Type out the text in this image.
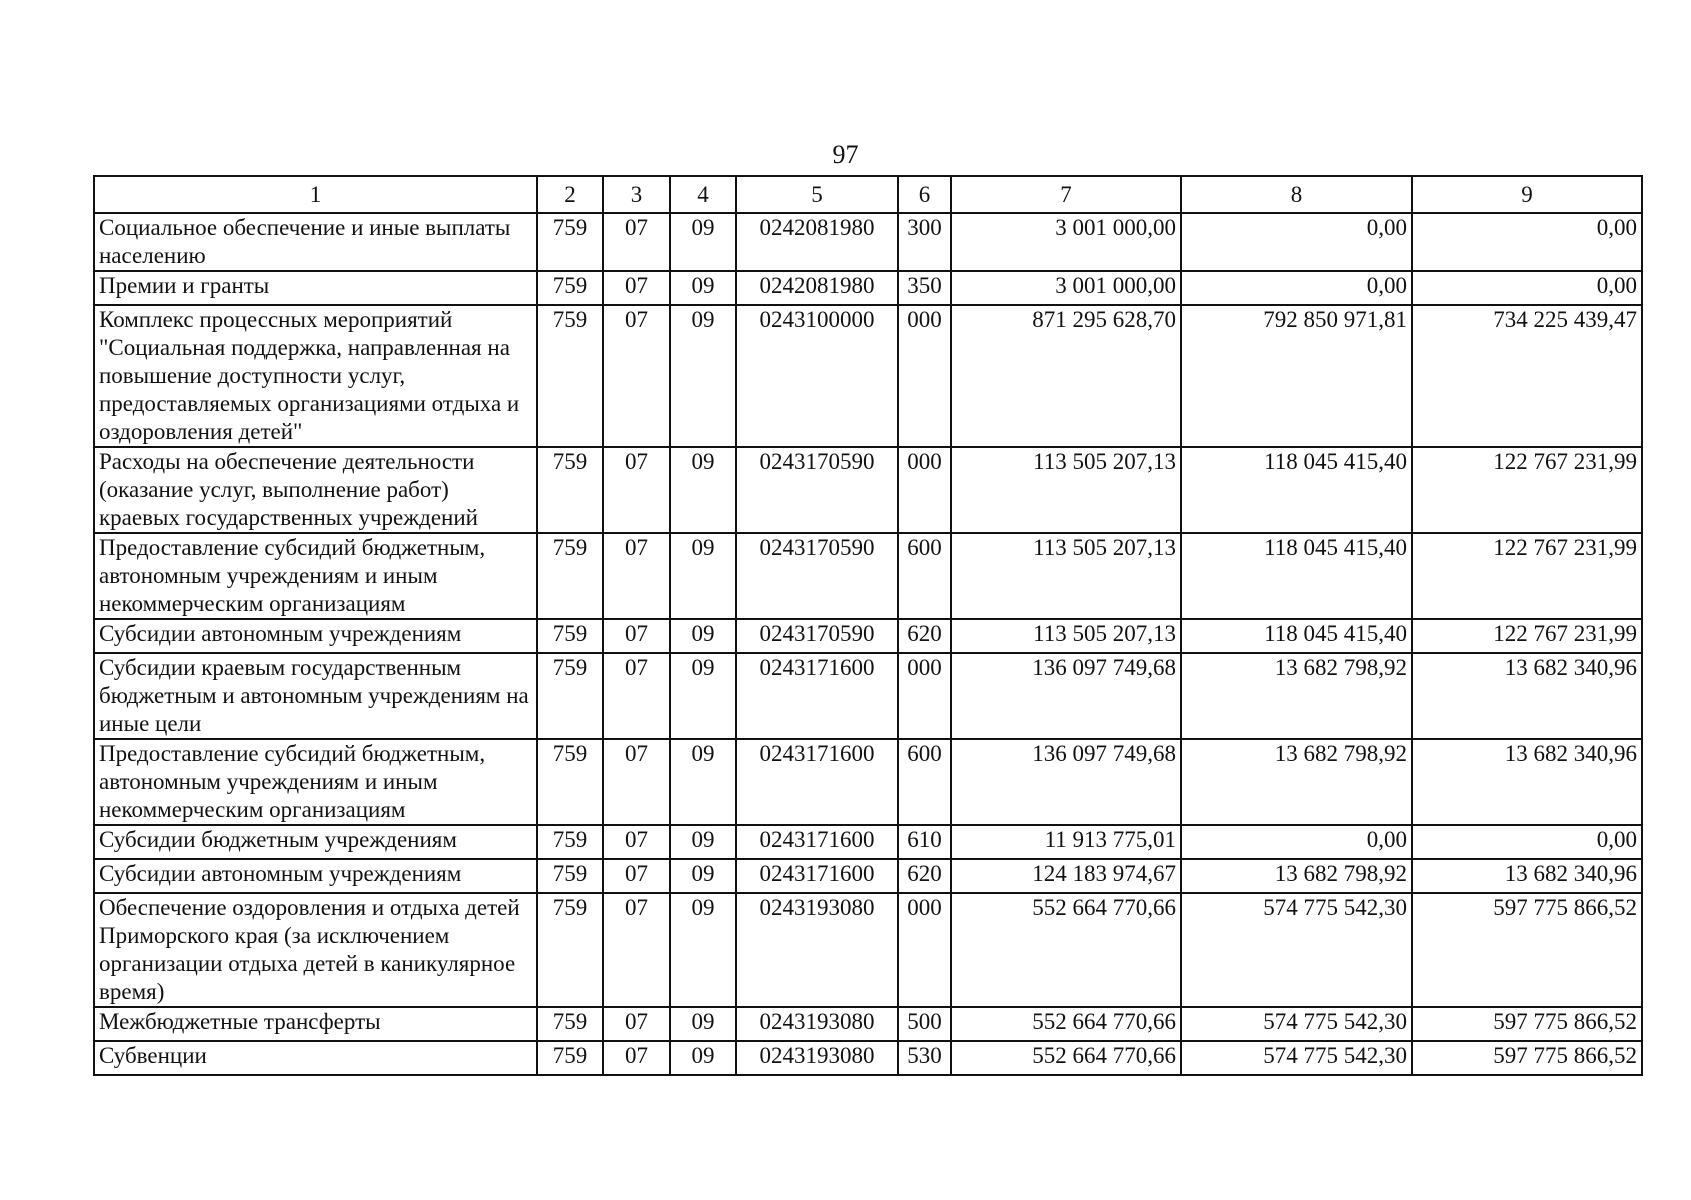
97
1	2	3	4	5	6	7	8	9
Социальное обеспечение и иные выплаты населению	759	07	09	0242081980	300	3 001 000,00	0,00	0,00
Премии и гранты	759	07	09	0242081980	350	3 001 000,00	0,00	0,00
Комплекс процессных мероприятий "Социальная поддержка, направленная на повышение доступности услуг, предоставляемых организациями отдыха и оздоровления детей"	759	07	09	0243100000	000	871 295 628,70	792 850 971,81	734 225 439,47
Расходы на обеспечение деятельности (оказание услуг, выполнение работ) краевых государственных учреждений	759	07	09	0243170590	000	113 505 207,13	118 045 415,40	122 767 231,99
Предоставление субсидий бюджетным, автономным учреждениям и иным некоммерческим организациям	759	07	09	0243170590	600	113 505 207,13	118 045 415,40	122 767 231,99
Субсидии автономным учреждениям	759	07	09	0243170590	620	113 505 207,13	118 045 415,40	122 767 231,99
Субсидии краевым государственным бюджетным и автономным учреждениям на иные цели	759	07	09	0243171600	000	136 097 749,68	13 682 798,92	13 682 340,96
Предоставление субсидий бюджетным, автономным учреждениям и иным некоммерческим организациям	759	07	09	0243171600	600	136 097 749,68	13 682 798,92	13 682 340,96
Субсидии бюджетным учреждениям	759	07	09	0243171600	610	11 913 775,01	0,00	0,00
Субсидии автономным учреждениям	759	07	09	0243171600	620	124 183 974,67	13 682 798,92	13 682 340,96
Обеспечение оздоровления и отдыха детей Приморского края (за исключением организации отдыха детей в каникулярное время)	759	07	09	0243193080	000	552 664 770,66	574 775 542,30	597 775 866,52
Межбюджетные трансферты	759	07	09	0243193080	500	552 664 770,66	574 775 542,30	597 775 866,52
Субвенции	759	07	09	0243193080	530	552 664 770,66	574 775 542,30	597 775 866,52
